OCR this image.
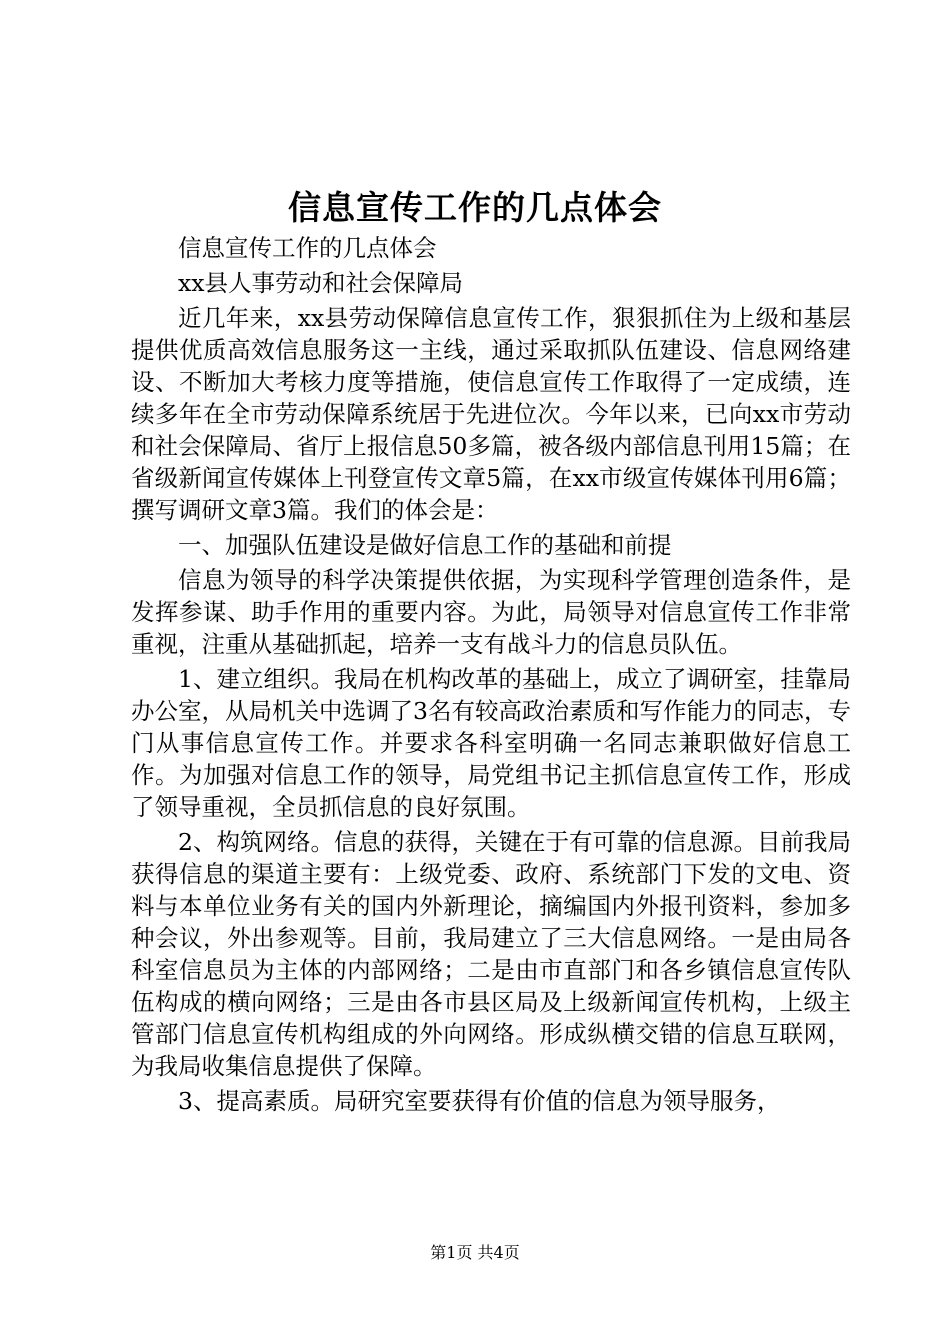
信息宣传工作的几点体会

信息宣传工作的几点体会

xx县人事劳动和社会保障局

近几年来，xx县劳动保障信息宣传工作，狠狠抓住为上级和基层提供优质高效信息服务这一主线，通过采取抓队伍建设、信息网络建设、不断加大考核力度等措施，使信息宣传工作取得了一定成绩，连续多年在全市劳动保障系统居于先进位次。今年以来，已向xx市劳动和社会保障局、省厅上报信息50多篇，被各级内部信息刊用15篇；在省级新闻宣传媒体上刊登宣传文章5篇，在xx市级宣传媒体刊用6篇；撰写调研文章3篇。我们的体会是：

一、加强队伍建设是做好信息工作的基础和前提

信息为领导的科学决策提供依据，为实现科学管理创造条件，是发挥参谋、助手作用的重要内容。为此，局领导对信息宣传工作非常重视，注重从基础抓起，培养一支有战斗力的信息员队伍。

1、建立组织。我局在机构改革的基础上，成立了调研室，挂靠局办公室，从局机关中选调了3名有较高政治素质和写作能力的同志，专门从事信息宣传工作。并要求各科室明确一名同志兼职做好信息工作。为加强对信息工作的领导，局党组书记主抓信息宣传工作，形成了领导重视，全员抓信息的良好氛围。

2、构筑网络。信息的获得，关键在于有可靠的信息源。目前我局获得信息的渠道主要有：上级党委、政府、系统部门下发的文电、资料与本单位业务有关的国内外新理论，摘编国内外报刊资料，参加多种会议，外出参观等。目前，我局建立了三大信息网络。一是由局各科室信息员为主体的内部网络；二是由市直部门和各乡镇信息宣传队伍构成的横向网络；三是由各市县区局及上级新闻宣传机构，上级主管部门信息宣传机构组成的外向网络。形成纵横交错的信息互联网，为我局收集信息提供了保障。

3、提高素质。局研究室要获得有价值的信息为领导服务，

第1页 共4页
